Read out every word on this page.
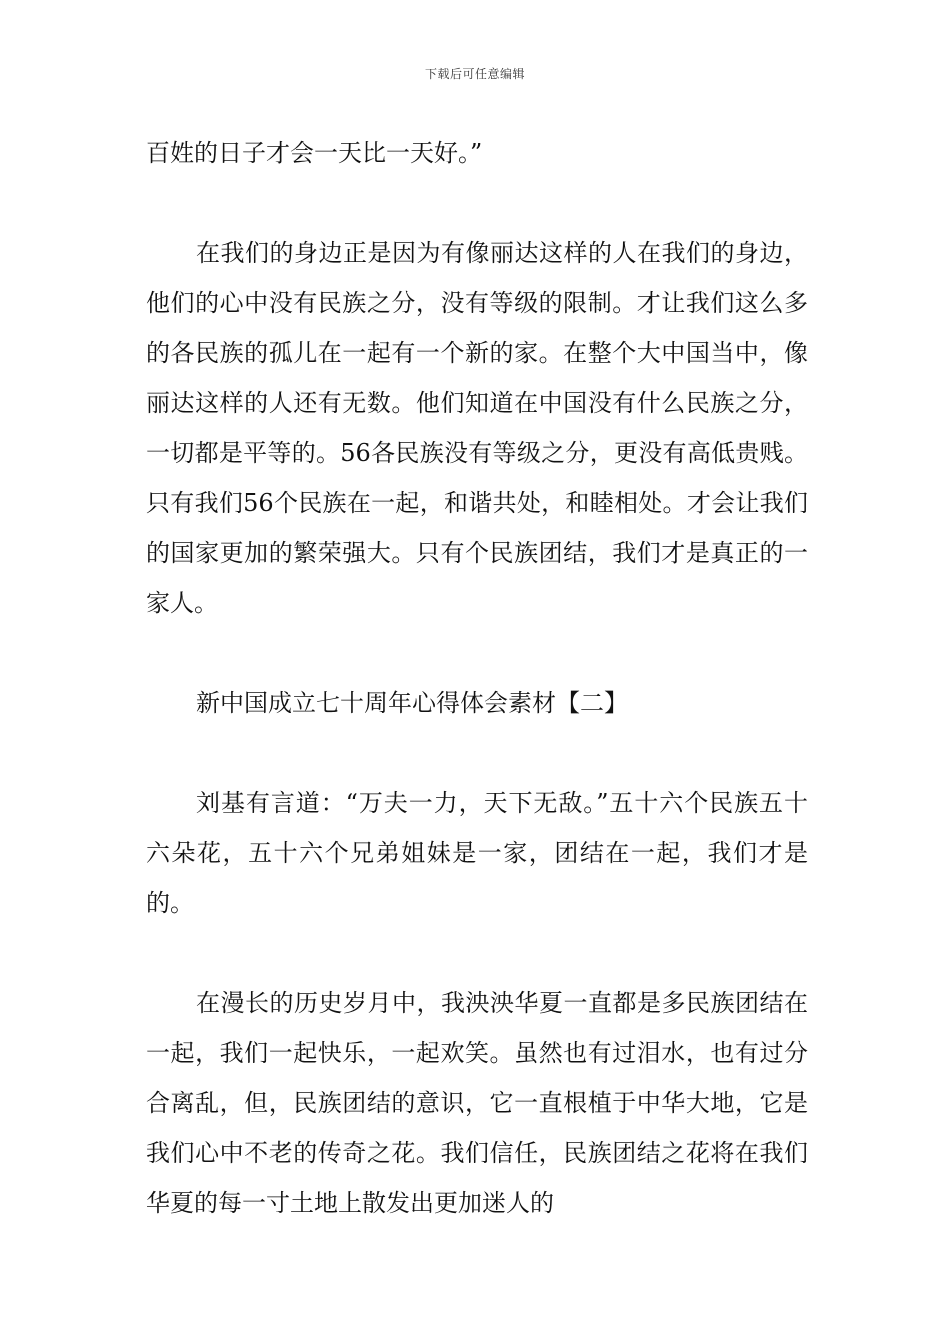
下载后可任意编辑

百姓的日子才会一天比一天好。”

在我们的身边正是因为有像丽达这样的人在我们的身边，他们的心中没有民族之分，没有等级的限制。才让我们这么多的各民族的孤儿在一起有一个新的家。在整个大中国当中，像丽达这样的人还有无数。他们知道在中国没有什么民族之分，一切都是平等的。56各民族没有等级之分，更没有高低贵贱。只有我们56个民族在一起，和谐共处，和睦相处。才会让我们的国家更加的繁荣强大。只有个民族团结，我们才是真正的一家人。

新中国成立七十周年心得体会素材【二】

刘基有言道：“万夫一力，天下无敌。”五十六个民族五十六朵花，五十六个兄弟姐妹是一家，团结在一起，我们才是的。

在漫长的历史岁月中，我泱泱华夏一直都是多民族团结在一起，我们一起快乐，一起欢笑。虽然也有过泪水，也有过分合离乱，但，民族团结的意识，它一直根植于中华大地，它是我们心中不老的传奇之花。我们信任，民族团结之花将在我们华夏的每一寸土地上散发出更加迷人的
